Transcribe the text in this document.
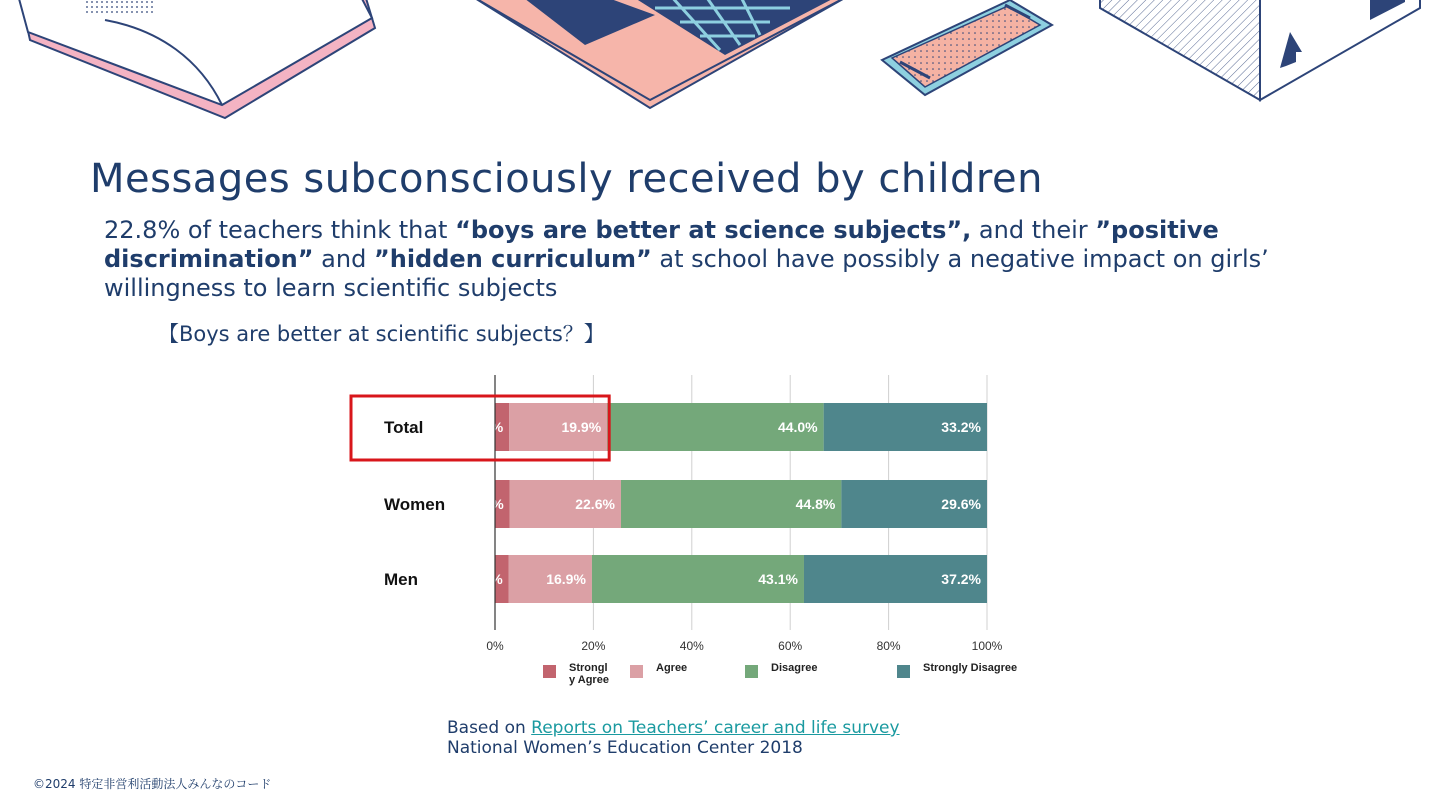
Messages subconsciously received by children

22.8% of teachers think that “boys are better at science subjects”, and their ”positive discrimination” and ”hidden curriculum” at school have possibly a negative impact on girls’ willingness to learn scientific subjects

【Boys are better at scientific subjects？】
0%	20%	40%	60%	80%	100%
Total	2.9%	19.9%	44.0%	33.2%
Women 3.0%	22.6%	44.8%	29.6%
Men	2.8%	16.9%	43.1%	37.2%
Strongl y Agree
Agree	Disagree	Strongly Disagree
Based on Reports on Teachers’ career and life survey
National Women’s Education Center 2018
©2024 特定非営利活動法人みんなのコード
